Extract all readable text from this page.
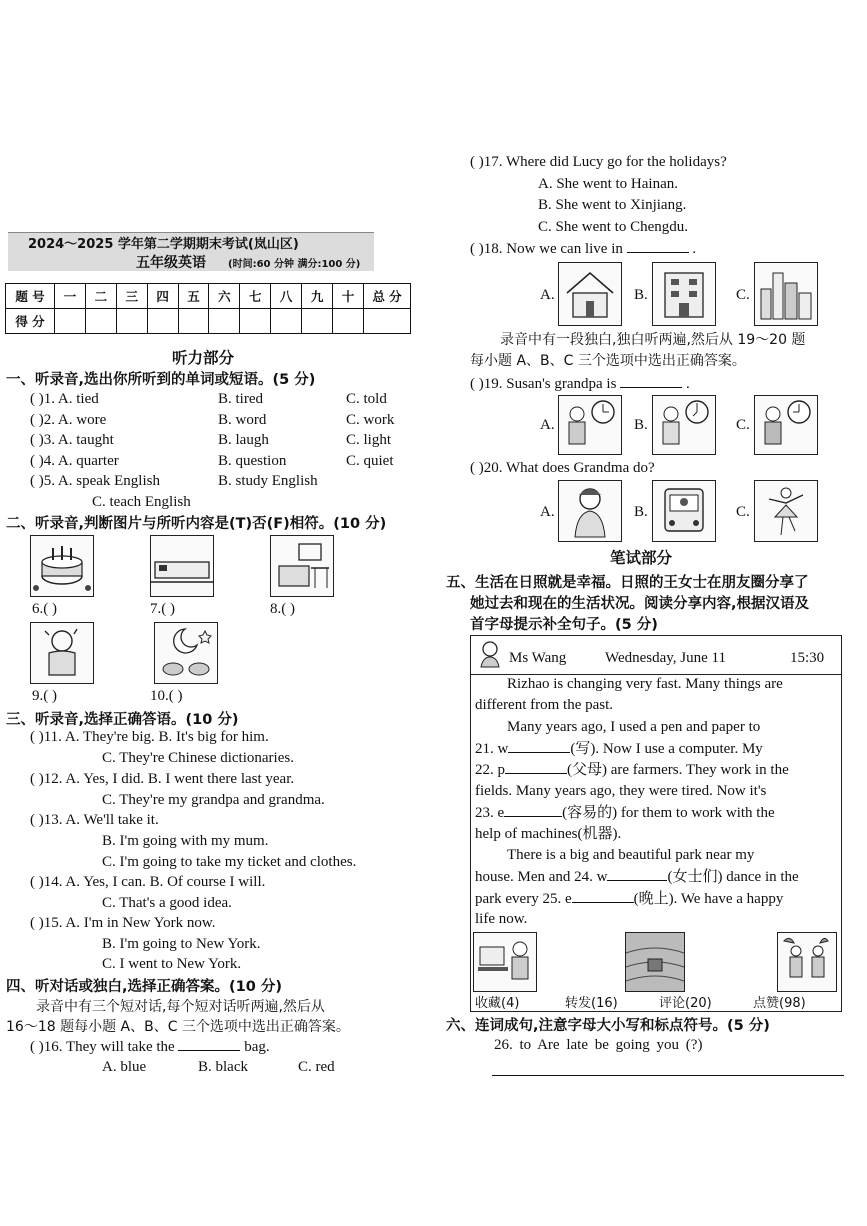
2024～2025 学年第二学期期末考试(岚山区)
五年级英语 (时间:60 分钟 满分:100 分)
题 号	一	二	三	四	五	六	七	八	九	十	总 分
得 分											
听力部分
一、听录音,选出你所听到的单词或短语。(5 分)
( )1. A. tied	B. tired	C. told
( )2. A. wore	B. word	C. work
( )3. A. taught	B. laugh	C. light
( )4. A. quarter	B. question	C. quiet
( )5. A. speak English	B. study English
C. teach English
二、听录音,判断图片与所听内容是(T)否(F)相符。(10 分)
6.( )	7.( )	8.( )
9.( )	10.( )
三、听录音,选择正确答语。(10 分)
( )11. A. They're big. B. It's big for him.
C. They're Chinese dictionaries.
( )12. A. Yes, I did. B. I went there last year.
C. They're my grandpa and grandma.
( )13. A. We'll take it.
B. I'm going with my mum.
C. I'm going to take my ticket and clothes.
( )14. A. Yes, I can. B. Of course I will.
C. That's a good idea.
( )15. A. I'm in New York now.
B. I'm going to New York.
C. I went to New York.
四、听对话或独白,选择正确答案。(10 分)
录音中有三个短对话,每个短对话听两遍,然后从
16～18 题每小题 A、B、C 三个选项中选出正确答案。
( )16. They will take the	bag.
A. blue	B. black	C. red
( )17. Where did Lucy go for the holidays?
A. She went to Hainan.
B. She went to Xinjiang.
C. She went to Chengdu.
( )18. Now we can live in	.
A.	B.	C.
录音中有一段独白,独白听两遍,然后从 19～20 题
每小题 A、B、C 三个选项中选出正确答案。
( )19. Susan's grandpa is	.
A.	B.	C.
( )20. What does Grandma do?
A.	B.	C.
笔试部分
五、生活在日照就是幸福。日照的王女士在朋友圈分享了
她过去和现在的生活状况。阅读分享内容,根据汉语及
首字母提示补全句子。(5 分)
Ms Wang	Wednesday, June 11	15:30
Rizhao is changing very fast. Many things are
different from the past.
Many years ago, I used a pen and paper to
21. w	(写). Now I use a computer. My
22. p	(父母) are farmers. They work in the
fields. Many years ago, they were tired. Now it's
23. e	(容易的) for them to work with the
help of machines(机器).
There is a big and beautiful park near my
house. Men and 24. w	(女士们) dance in the
park every 25. e	(晚上). We have a happy
life now.
收藏(4)	转发(16)	评论(20)	点赞(98)
六、连词成句,注意字母大小写和标点符号。(5 分)
26. to Are late be going you (?)
